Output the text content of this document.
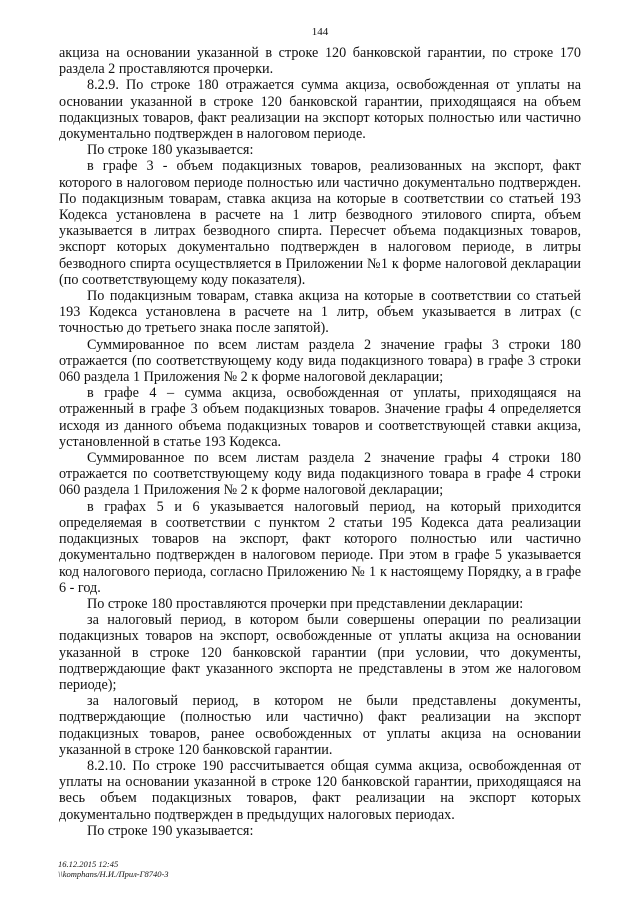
144

акциза на основании указанной в строке 120 банковской гарантии, по строке 170 раздела 2 проставляются прочерки.

8.2.9. По строке 180 отражается сумма акциза, освобожденная от уплаты на основании указанной в строке 120 банковской гарантии, приходящаяся на объем подакцизных товаров, факт реализации на экспорт которых полностью или частично документально подтвержден в налоговом периоде.

По строке 180 указывается:

в графе 3 - объем подакцизных товаров, реализованных на экспорт, факт которого в налоговом периоде полностью или частично документально подтвержден. По подакцизным товарам, ставка акциза на которые в соответствии со статьей 193 Кодекса установлена в расчете на 1 литр безводного этилового спирта, объем указывается в литрах безводного спирта. Пересчет объема подакцизных товаров, экспорт которых документально подтвержден в налоговом периоде, в литры безводного спирта осуществляется в Приложении №1 к форме налоговой декларации (по соответствующему коду показателя).

По подакцизным товарам, ставка акциза на которые в соответствии со статьей 193 Кодекса установлена в расчете на 1 литр, объем указывается в литрах (с точностью до третьего знака после запятой).

Суммированное по всем листам раздела 2 значение графы 3 строки 180 отражается (по соответствующему коду вида подакцизного товара) в графе 3 строки 060 раздела 1 Приложения № 2 к форме налоговой декларации;

в графе 4 – сумма акциза, освобожденная от уплаты, приходящаяся на отраженный в графе 3 объем подакцизных товаров. Значение графы 4 определяется исходя из данного объема подакцизных товаров и соответствующей ставки акциза, установленной в статье 193 Кодекса.

Суммированное по всем листам раздела 2 значение графы 4 строки 180 отражается по соответствующему коду вида подакцизного товара в графе 4 строки 060 раздела 1 Приложения № 2 к форме налоговой декларации;

в графах 5 и 6 указывается налоговый период, на который приходится определяемая в соответствии с пунктом 2 статьи 195 Кодекса дата реализации подакцизных товаров на экспорт, факт которого полностью или частично документально подтвержден в налоговом периоде. При этом в графе 5 указывается код налогового периода, согласно Приложению № 1 к настоящему Порядку, а в графе 6 - год.

По строке 180 проставляются прочерки при представлении декларации:

за налоговый период, в котором были совершены операции по реализации подакцизных товаров на экспорт, освобожденные от уплаты акциза на основании указанной в строке 120 банковской гарантии (при условии, что документы, подтверждающие факт указанного экспорта не представлены в этом же налоговом периоде);

за налоговый период, в котором не были представлены документы, подтверждающие (полностью или частично) факт реализации на экспорт подакцизных товаров, ранее освобожденных от уплаты акциза на основании указанной в строке 120 банковской гарантии.

8.2.10. По строке 190 рассчитывается общая сумма акциза, освобожденная от уплаты на основании указанной в строке 120 банковской гарантии, приходящаяся на весь объем подакцизных товаров, факт реализации на экспорт которых документально подтвержден в предыдущих налоговых периодах.

По строке 190 указывается:

16.12.2015 12:45
\\komphans/Н.И./Прил-Г8740-3
